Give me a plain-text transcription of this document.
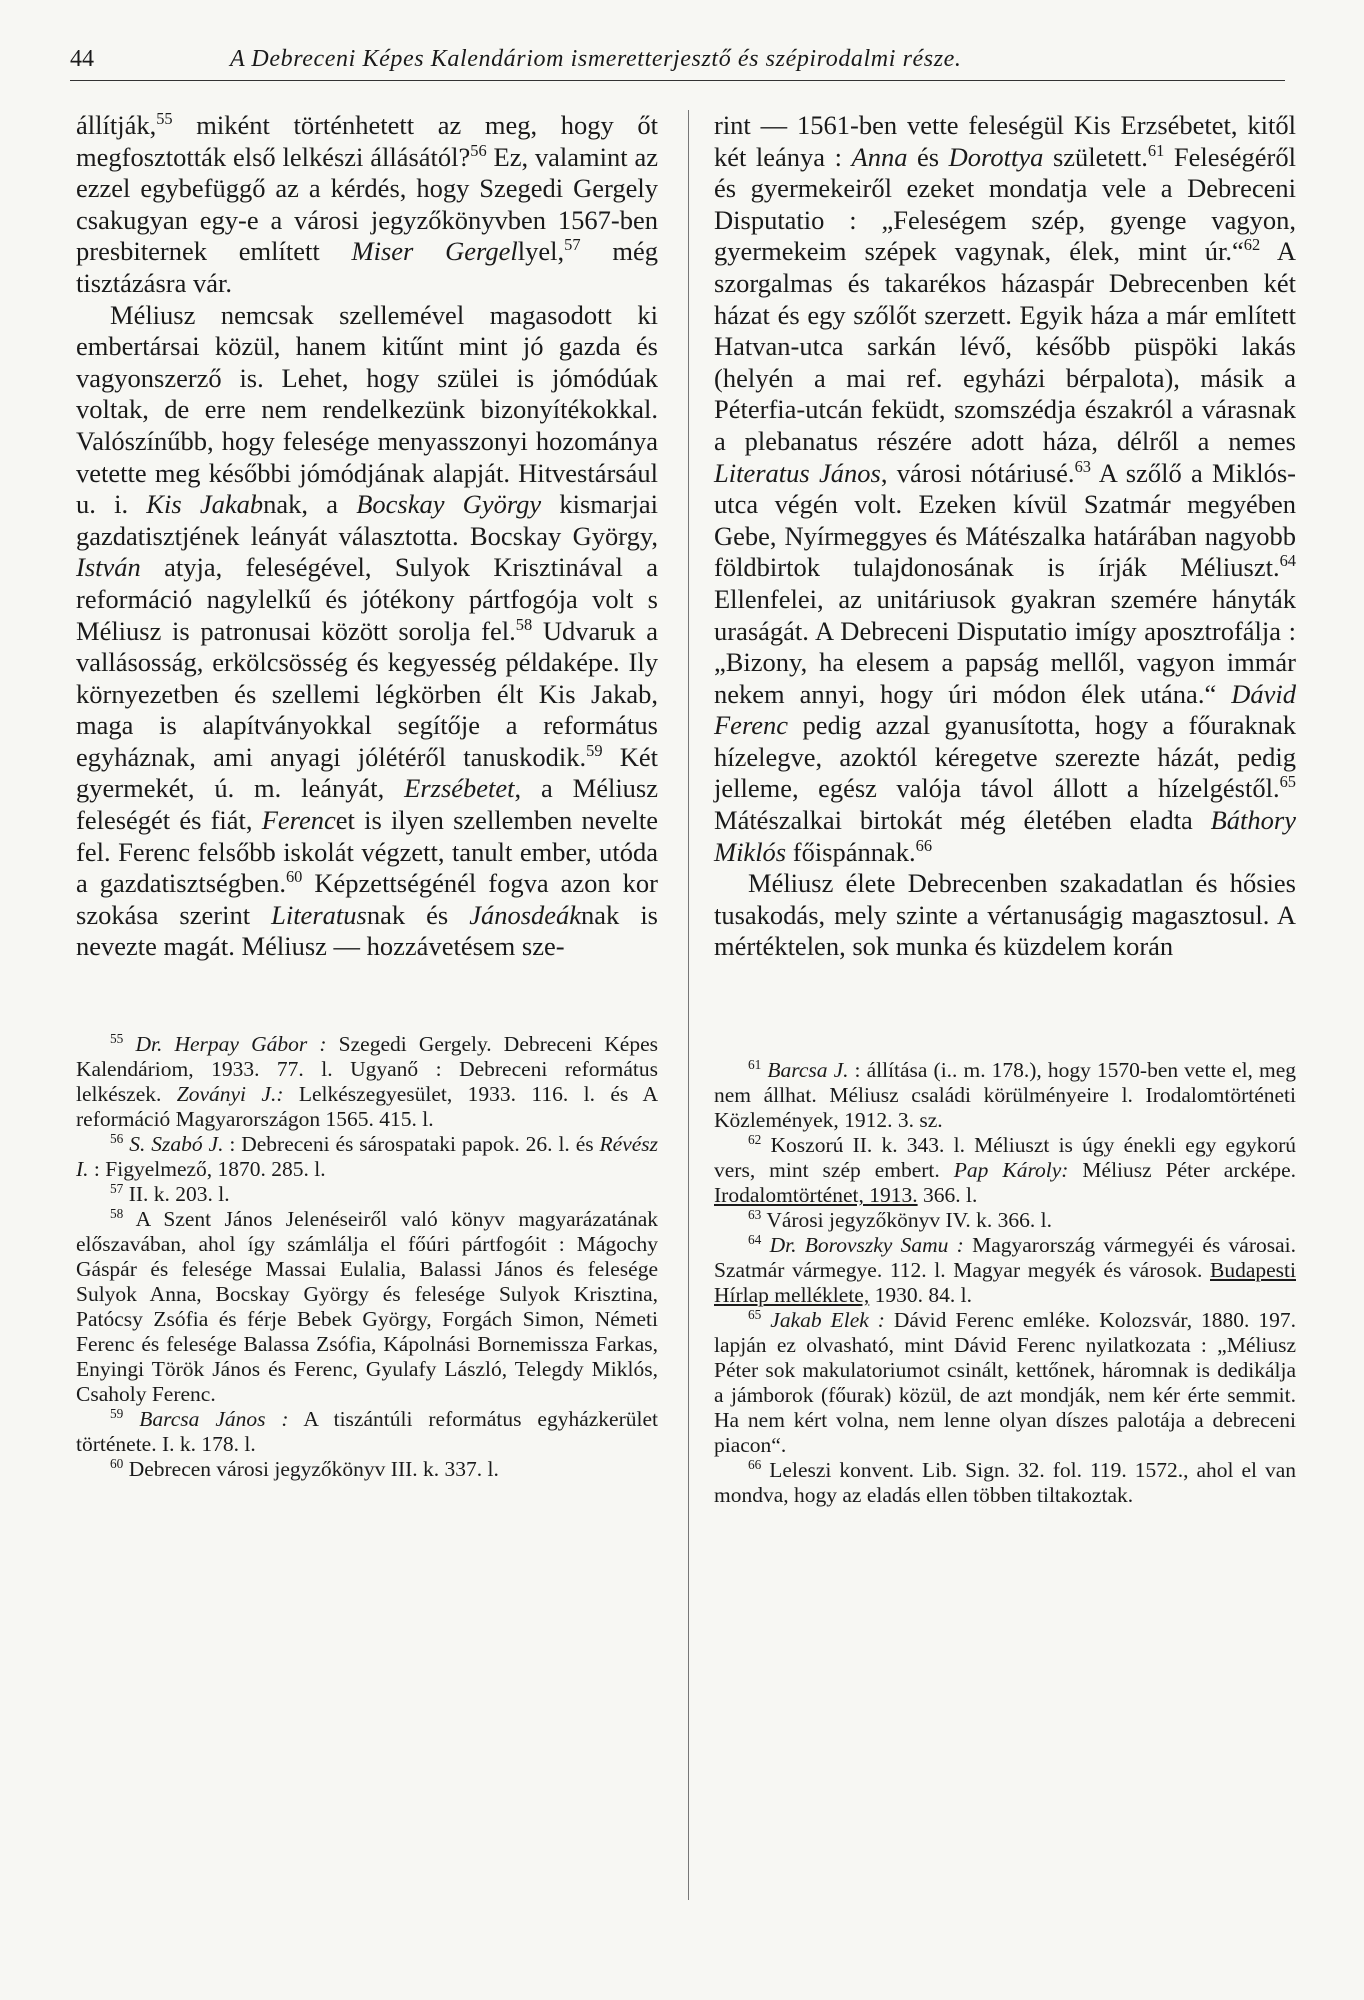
44	A Debreceni Képes Kalendáriom ismeretterjesztő és szépirodalmi része.

állítják,$^{55}$ miként történhetett az meg, hogy őt megfosztották első lelkészi állásától?$^{56}$ Ez, valamint az ezzel egybefüggő az a kérdés, hogy Szegedi Gergely csakugyan egy-e a városi jegyzőkönyvben 1567-ben presbiternek említett Miser Gergellyel,$^{57}$ még tisztázásra vár.

Méliusz nemcsak szellemével magasodott ki embertársai közül, hanem kitűnt mint jó gazda és vagyonszerző is. Lehet, hogy szülei is jómódúak voltak, de erre nem rendelkezünk bizonyítékokkal. Valószínűbb, hogy felesége menyasszonyi hozománya vetette meg későbbi jómódjának alapját. Hitvestársául u. i. Kis Jakabnak, a Bocskay György kismarjai gazdatisztjének leányát választotta. Bocskay György, István atyja, feleségével, Sulyok Krisztinával a reformáció nagylelkű és jótékony pártfogója volt s Méliusz is patronusai között sorolja fel.$^{58}$ Udvaruk a vallásosság, erkölcsösség és kegyesség példaképe. Ily környezetben és szellemi légkörben élt Kis Jakab, maga is alapítványokkal segítője a református egyháznak, ami anyagi jólétéről tanuskodik.$^{59}$ Két gyermekét, ú. m. leányát, Erzsébetet, a Méliusz feleségét és fiát, Ferencet is ilyen szellemben nevelte fel. Ferenc felsőbb iskolát végzett, tanult ember, utóda a gazdatisztségben.$^{60}$ Képzettségénél fogva azon kor szokása szerint Literatusnak és Jánosdeáknak is nevezte magát. Méliusz — hozzávetésem sze-

rint — 1561-ben vette feleségül Kis Erzsébetet, kitől két leánya : Anna és Dorottya született.$^{61}$ Feleségéről és gyermekeiről ezeket mondatja vele a Debreceni Disputatio : „Feleségem szép, gyenge vagyon, gyermekeim szépek vagynak, élek, mint úr.“$^{62}$ A szorgalmas és takarékos házaspár Debrecenben két házat és egy szőlőt szerzett. Egyik háza a már említett Hatvan-utca sarkán lévő, később püspöki lakás (helyén a mai ref. egyházi bérpalota), másik a Péterfia-utcán feküdt, szomszédja északról a várasnak a plebanatus részére adott háza, délről a nemes Literatus János, városi nótáriusé.$^{63}$ A szőlő a Miklós-utca végén volt. Ezeken kívül Szatmár megyében Gebe, Nyírmeggyes és Mátészalka határában nagyobb földbirtok tulajdonosának is írják Méliuszt.$^{64}$ Ellenfelei, az unitáriusok gyakran szemére hányták uraságát. A Debreceni Disputatio imígy aposztrofálja : „Bizony, ha elesem a papság mellől, vagyon immár nekem annyi, hogy úri módon élek utána.“ Dávid Ferenc pedig azzal gyanusította, hogy a főuraknak hízelegve, azoktól kéregetve szerezte házát, pedig jelleme, egész valója távol állott a hízelgéstől.$^{65}$ Mátészalkai birtokát még életében eladta Báthory Miklós főispánnak.$^{66}$

Méliusz élete Debrecenben szakadatlan és hősies tusakodás, mely szinte a vértanuságig magasztosul. A mértéktelen, sok munka és küzdelem korán

$^{55}$ Dr. Herpay Gábor : Szegedi Gergely. Debreceni Képes Kalendáriom, 1933. 77. l. Ugyanő : Debreceni református lelkészek. Zoványi J.: Lelkészegyesület, 1933. 116. l. és A reformáció Magyarországon 1565. 415. l.

$^{56}$ S. Szabó J. : Debreceni és sárospataki papok. 26. l. és Révész I. : Figyelmező, 1870. 285. l.

$^{57}$ II. k. 203. l.

$^{58}$ A Szent János Jelenéseiről való könyv magyarázatának előszavában, ahol így számlálja el főúri pártfogóit : Mágochy Gáspár és felesége Massai Eulalia, Balassi János és felesége Sulyok Anna, Bocskay György és felesége Sulyok Krisztina, Patócsy Zsófia és férje Bebek György, Forgách Simon, Németi Ferenc és felesége Balassa Zsófia, Kápolnási Bornemissza Farkas, Enyingi Török János és Ferenc, Gyulafy László, Telegdy Miklós, Csaholy Ferenc.

$^{59}$ Barcsa János : A tiszántúli református egyházkerület története. I. k. 178. l.

$^{60}$ Debrecen városi jegyzőkönyv III. k. 337. l.

$^{61}$ Barcsa J. : állítása (i.. m. 178.), hogy 1570-ben vette el, meg nem állhat. Méliusz családi körülményeire l. Irodalomtörténeti Közlemények, 1912. 3. sz.

$^{62}$ Koszorú II. k. 343. l. Méliuszt is úgy énekli egy egykorú vers, mint szép embert. Pap Károly: Méliusz Péter arcképe. Irodalomtörténet, 1913. 366. l.

$^{63}$ Városi jegyzőkönyv IV. k. 366. l.

$^{64}$ Dr. Borovszky Samu : Magyarország vármegyéi és városai. Szatmár vármegye. 112. l. Magyar megyék és városok. Budapesti Hírlap melléklete, 1930. 84. l.

$^{65}$ Jakab Elek : Dávid Ferenc emléke. Kolozsvár, 1880. 197. lapján ez olvasható, mint Dávid Ferenc nyilatkozata : „Méliusz Péter sok makulatoriumot csinált, kettőnek, háromnak is dedikálja a jámborok (főurak) közül, de azt mondják, nem kér érte semmit. Ha nem kért volna, nem lenne olyan díszes palotája a debreceni piacon“.

$^{66}$ Leleszi konvent. Lib. Sign. 32. fol. 119. 1572., ahol el van mondva, hogy az eladás ellen többen tiltakoztak.
